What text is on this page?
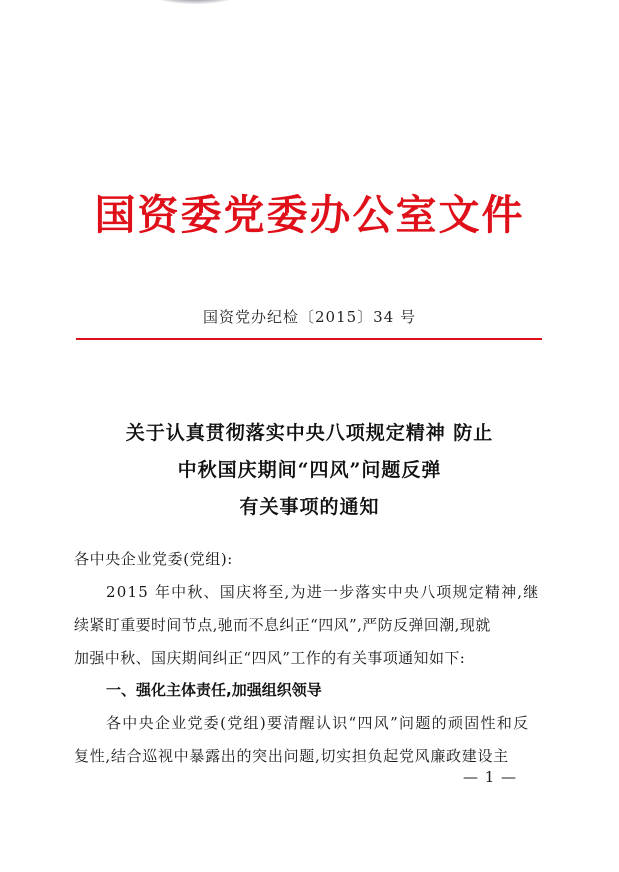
国资委党委办公室文件
国资党办纪检〔2015〕34 号
关于认真贯彻落实中央八项规定精神 防止
中秋国庆期间“四风”问题反弹
有关事项的通知
各中央企业党委(党组):
2015 年中秋、国庆将至,为进一步落实中央八项规定精神,继
续紧盯重要时间节点,驰而不息纠正“四风”,严防反弹回潮,现就
加强中秋、国庆期间纠正“四风”工作的有关事项通知如下:
一、强化主体责任,加强组织领导
各中央企业党委(党组)要清醒认识“四风”问题的顽固性和反
复性,结合巡视中暴露出的突出问题,切实担负起党风廉政建设主
— 1 —
